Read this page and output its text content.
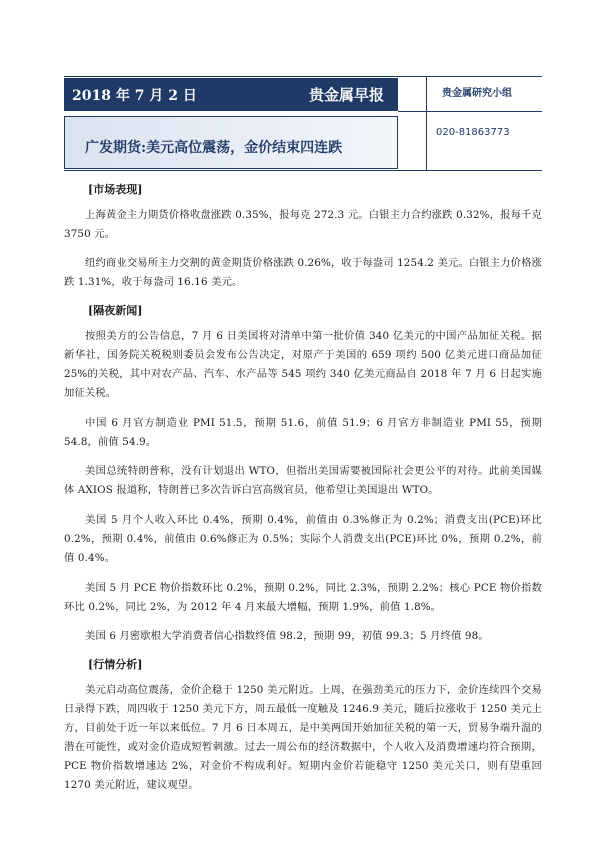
2018 年 7 月 2 日	贵金属早报	贵金属研究小组
广发期货:美元高位震荡，金价结束四连跌
020-81863773
[市场表现]

上海黄金主力期货价格收盘涨跌 0.35%，报每克 272.3 元。白银主力合约涨跌 0.32%，报每千克 3750 元。

纽约商业交易所主力交割的黄金期货价格涨跌 0.26%，收于每盎司 1254.2 美元。白银主力价格涨跌 1.31%，收于每盎司 16.16 美元。

[隔夜新闻]

按照美方的公告信息，7 月 6 日美国将对清单中第一批价值 340 亿美元的中国产品加征关税。据新华社，国务院关税税则委员会发布公告决定，对原产于美国的 659 项约 500 亿美元进口商品加征 25%的关税，其中对农产品、汽车、水产品等 545 项约 340 亿美元商品自 2018 年 7 月 6 日起实施加征关税。

中国 6 月官方制造业 PMI 51.5，预期 51.6，前值 51.9；6 月官方非制造业 PMI 55，预期 54.8，前值 54.9。

美国总统特朗普称，没有计划退出 WTO，但指出美国需要被国际社会更公平的对待。此前美国媒体 AXIOS 报道称，特朗普已多次告诉白宫高级官员，他希望让美国退出 WTO。

美国 5 月个人收入环比 0.4%，预期 0.4%，前值由 0.3%修正为 0.2%；消费支出(PCE)环比 0.2%，预期 0.4%，前值由 0.6%修正为 0.5%；实际个人消费支出(PCE)环比 0%，预期 0.2%，前值 0.4%。

美国 5 月 PCE 物价指数环比 0.2%，预期 0.2%，同比 2.3%，预期 2.2%；核心 PCE 物价指数环比 0.2%，同比 2%，为 2012 年 4 月来最大增幅，预期 1.9%，前值 1.8%。

美国 6 月密歇根大学消费者信心指数终值 98.2，预期 99，初值 99.3；5 月终值 98。

[行情分析]

美元启动高位震荡，金价企稳于 1250 美元附近。上周，在强劲美元的压力下，金价连续四个交易日录得下跌，周四收于 1250 美元下方，周五最低一度触及 1246.9 美元，随后拉涨收于 1250 美元上方，目前处于近一年以来低位。7 月 6 日本周五，是中美两国开始加征关税的第一天，贸易争端升温的潜在可能性，或对金价造成短暂刺激。过去一周公布的经济数据中，个人收入及消费增速均符合预期，PCE 物价指数增速达 2%，对金价不构成利好。短期内金价若能稳守 1250 美元关口，则有望重回 1270 美元附近，建议观望。
